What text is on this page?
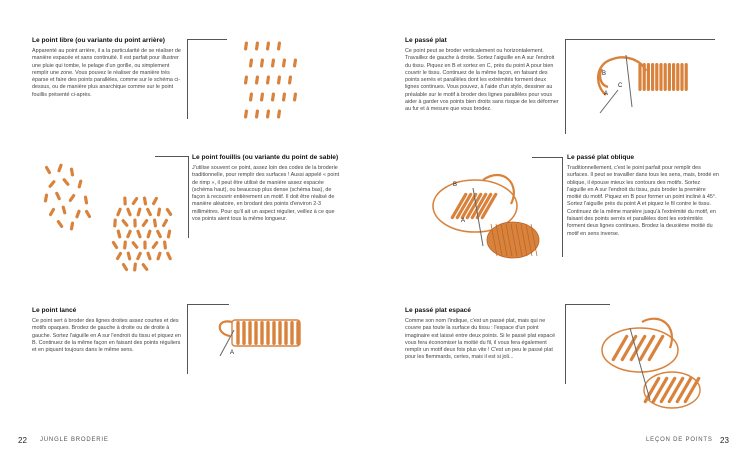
Le point libre (ou variante du point arrière)

Apparenté au point arrière, il a la particularité de se réaliser de manière espacée et sans continuité. Il est parfait pour illustrer une pluie qui tombe, le pelage d'un gorille, ou simplement remplir une zone. Vous pouvez le réaliser de manière très éparse et faire des points parallèles, comme sur le schéma ci-dessus, ou de manière plus anarchique comme sur le point fouillis présenté ci-après.

Le point fouillis (ou variante du point de sable)

J'utilise souvent ce point, assez loin des codes de la broderie traditionnelle, pour remplir des surfaces ! Aussi appelé « point de rimp », il peut être utilisé de manière assez espacée (schéma haut), ou beaucoup plus dense (schéma bas), de façon à recouvrir entièrement un motif. Il doit être réalisé de manière aléatoire, en brodant des points d'environ 2-3 millimètres. Pour qu'il ait un aspect régulier, veillez à ce que vos points aient tous la même longueur.

Le point lancé

Ce point sert à broder des lignes droites assez courtes et des motifs opaques. Brodez de gauche à droite ou de droite à gauche. Sortez l'aiguille en A sur l'endroit du tissu et piquez en B. Continuez de la même façon en faisant des points réguliers et en piquant toujours dans le même sens.	A
22 JUNGLE BRODERIE

Le passé plat

Ce point peut se broder verticalement ou horizontalement. Travaillez de gauche à droite. Sortez l'aiguille en A sur l'endroit du tissu. Piquez en B et sortez en C, près du point A pour bien couvrir le tissu. Continuez de la même façon, en faisant des points serrés et parallèles dont les extrémités forment deux lignes continues. Vous pouvez, à l'aide d'un stylo, dessiner au préalable sur le motif à broder des lignes parallèles pour vous aider à garder vos points bien droits sans risque de les déformer au fur et à mesure que vous brodez.

B
C
A

Le passé plat oblique

Traditionnellement, c'est le point parfait pour remplir des surfaces. Il peut se travailler dans tous les sens, mais, brodé en oblique, il épouse mieux les contours des motifs. Sortez l'aiguille en A sur l'endroit du tissu, puis broder la première moitié du motif. Piquez en B pour former un point incliné à 45°. Sortez l'aiguille près du point A et piquez le fil contre le tissu. Continuez de la même manière jusqu'à l'extrémité du motif, en faisant des points serrés et parallèles dont les extrémités forment deux lignes continues. Brodez la deuxième moitié du motif en sens inverse.

B
A

Le passé plat espacé

Comme son nom l'indique, c'est un passé plat, mais qui ne couvre pas toute la surface du tissu : l'espace d'un point imaginaire est laissé entre deux points. Si le passé plat espacé vous fera économiser la moitié du fil, il vous fera également remplir un motif deux fois plus vite ! C'est un peu le passé plat pour les flemmards, certes, mais il est si joli...

LEÇON DE POINTS 23
